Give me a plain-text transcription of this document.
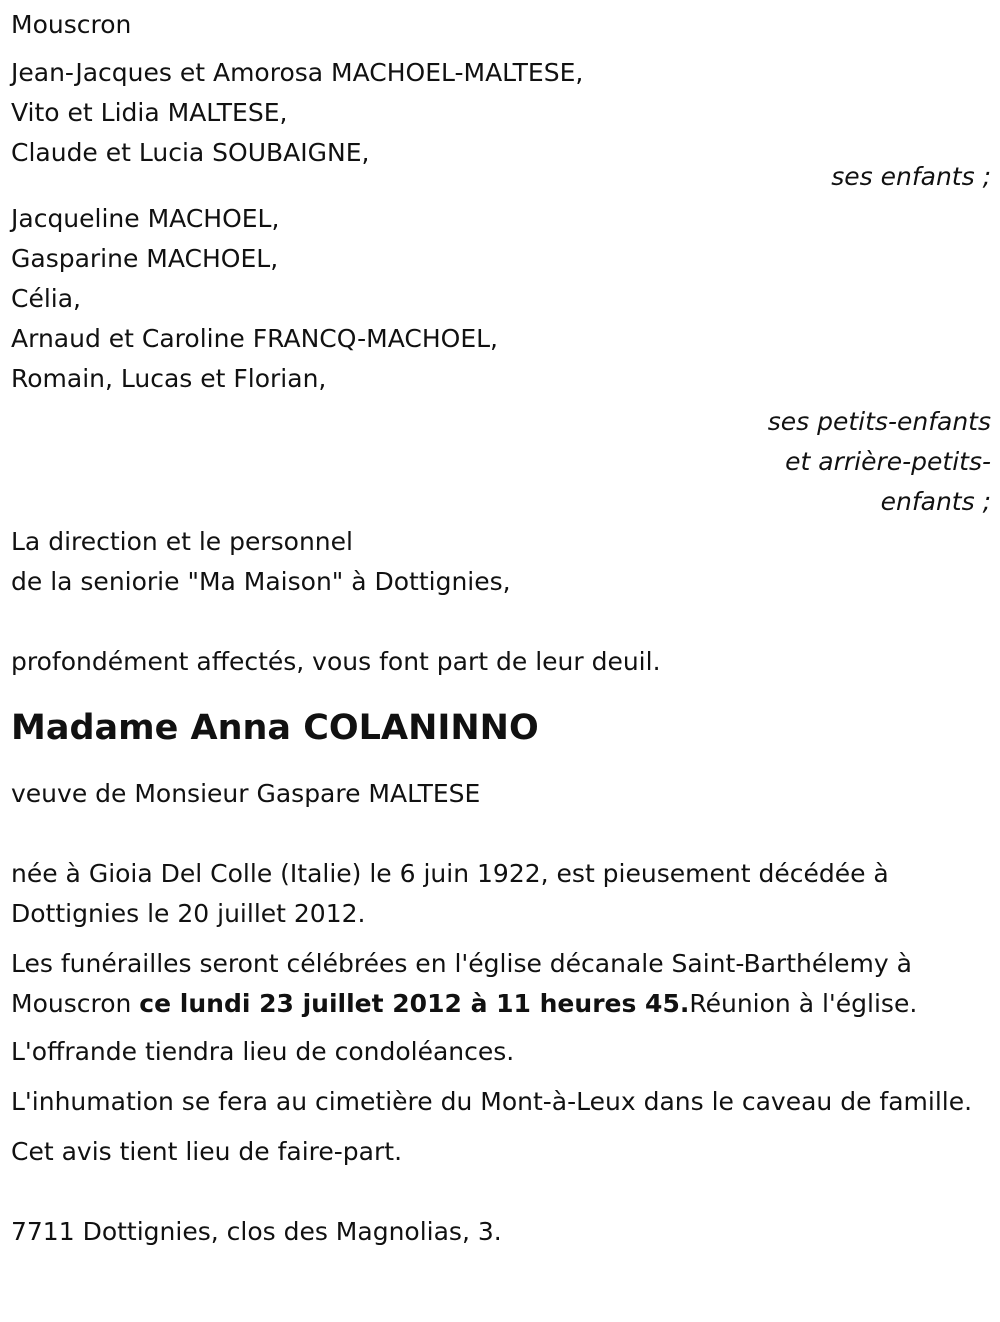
Mouscron
Jean-Jacques et Amorosa MACHOEL-MALTESE,
Vito et Lidia MALTESE,
Claude et Lucia SOUBAIGNE,
ses enfants ;
Jacqueline MACHOEL,
Gasparine MACHOEL,
Célia,
Arnaud et Caroline FRANCQ-MACHOEL,
Romain, Lucas et Florian,
ses petits-enfants
et arrière-petits-
enfants ;
La direction et le personnel
de la seniorie "Ma Maison" à Dottignies,
profondément affectés, vous font part de leur deuil.
Madame Anna COLANINNO
veuve de Monsieur Gaspare MALTESE
née à Gioia Del Colle (Italie) le 6 juin 1922, est pieusement décédée à Dottignies le 20 juillet 2012.
Les funérailles seront célébrées en l'église décanale Saint-Barthélemy à Mouscron ce lundi 23 juillet 2012 à 11 heures 45.Réunion à l'église.
L'offrande tiendra lieu de condoléances.
L'inhumation se fera au cimetière du Mont-à-Leux dans le caveau de famille.
Cet avis tient lieu de faire-part.
7711 Dottignies, clos des Magnolias, 3.
